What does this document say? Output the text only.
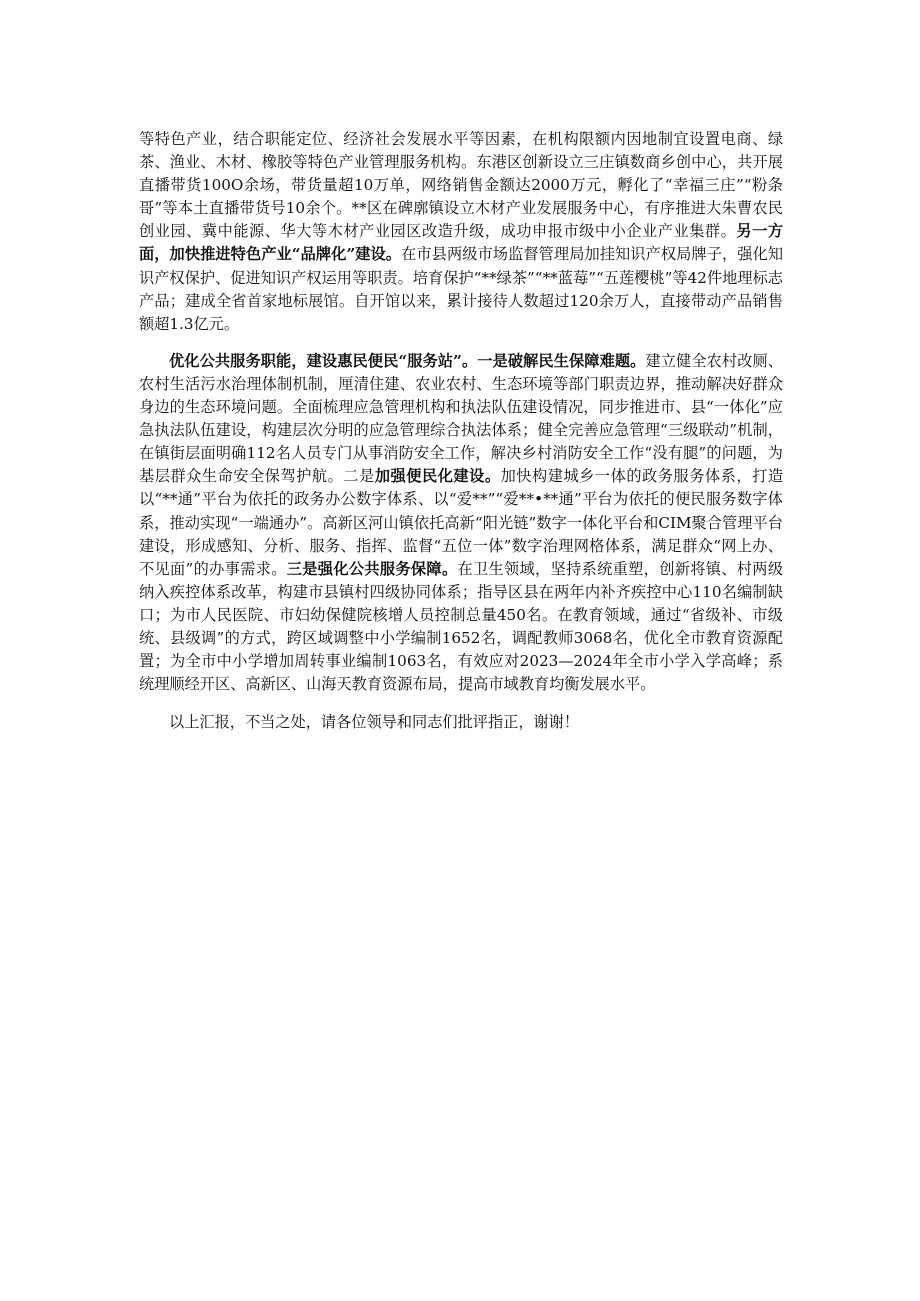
等特色产业，结合职能定位、经济社会发展水平等因素，在机构限额内因地制宜设置电商、绿茶、渔业、木材、橡胶等特色产业管理服务机构。东港区创新设立三庄镇数商乡创中心，共开展直播带货100O余场，带货量超10万单，网络销售金额达2000万元，孵化了“幸福三庄”“粉条哥”等本土直播带货号10余个。**区在碑廓镇设立木材产业发展服务中心，有序推进大朱曹农民创业园、冀中能源、华大等木材产业园区改造升级，成功申报市级中小企业产业集群。另一方面，加快推进特色产业“品牌化”建设。在市县两级市场监督管理局加挂知识产权局牌子，强化知识产权保护、促进知识产权运用等职责。培育保护“**绿茶”“**蓝莓”“五莲樱桃”等42件地理标志产品；建成全省首家地标展馆。自开馆以来，累计接待人数超过120余万人，直接带动产品销售额超1.3亿元。

优化公共服务职能，建设惠民便民“服务站”。一是破解民生保障难题。建立健全农村改厕、农村生活污水治理体制机制，厘清住建、农业农村、生态环境等部门职责边界，推动解决好群众身边的生态环境问题。全面梳理应急管理机构和执法队伍建设情况，同步推进市、县“一体化”应急执法队伍建设，构建层次分明的应急管理综合执法体系；健全完善应急管理“三级联动”机制，在镇街层面明确112名人员专门从事消防安全工作，解决乡村消防安全工作“没有腿”的问题，为基层群众生命安全保驾护航。二是加强便民化建设。加快构建城乡一体的政务服务体系，打造以“**通”平台为依托的政务办公数字体系、以“爱**”“爱**•**通”平台为依托的便民服务数字体系，推动实现“一端通办”。高新区河山镇依托高新“阳光链”数字一体化平台和CIM聚合管理平台建设，形成感知、分析、服务、指挥、监督“五位一体”数字治理网格体系，满足群众“网上办、不见面”的办事需求。三是强化公共服务保障。在卫生领域，坚持系统重塑，创新将镇、村两级纳入疾控体系改革，构建市县镇村四级协同体系；指导区县在两年内补齐疾控中心110名编制缺口；为市人民医院、市妇幼保健院核增人员控制总量450名。在教育领域，通过“省级补、市级统、县级调”的方式，跨区域调整中小学编制1652名，调配教师3068名，优化全市教育资源配置；为全市中小学增加周转事业编制1063名，有效应对2023—2024年全市小学入学高峰；系统理顺经开区、高新区、山海天教育资源布局，提高市域教育均衡发展水平。

以上汇报，不当之处，请各位领导和同志们批评指正，谢谢！
